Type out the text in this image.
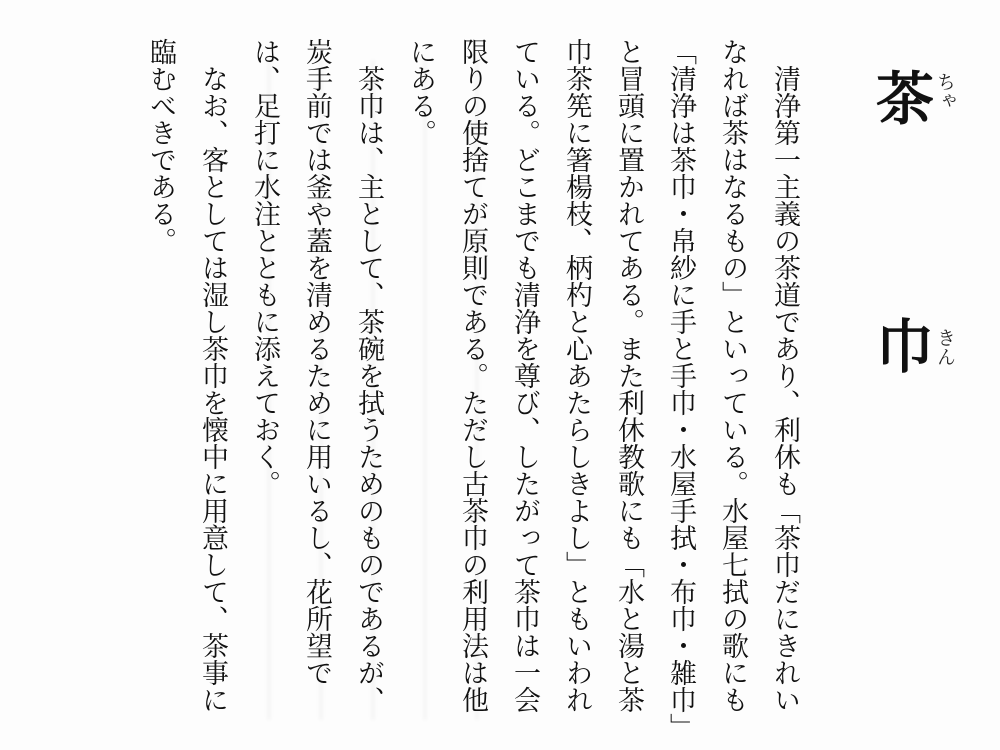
茶 ちゃ
巾 きん

清浄第一主義の茶道であり、利休も「茶巾だにきれいなれば茶はなるもの」といっている。水屋七拭の歌にも「清浄は茶巾・帛紗に手と手巾・水屋手拭・布巾・雑巾」と冒頭に置かれてある。また利休教歌にも「水と湯と茶巾茶筅に箸楊枝、柄杓と心あたらしきよし」ともいわれている。どこまでも清浄を尊び、したがって茶巾は一会限りの使捨てが原則である。ただし古茶巾の利用法は他にある。

茶巾は、主として、茶碗を拭うためのものであるが、炭手前では釜や蓋を清めるために用いるし、花所望では、足打に水注とともに添えておく。

なお、客としては湿し茶巾を懐中に用意して、茶事に臨むべきである。
